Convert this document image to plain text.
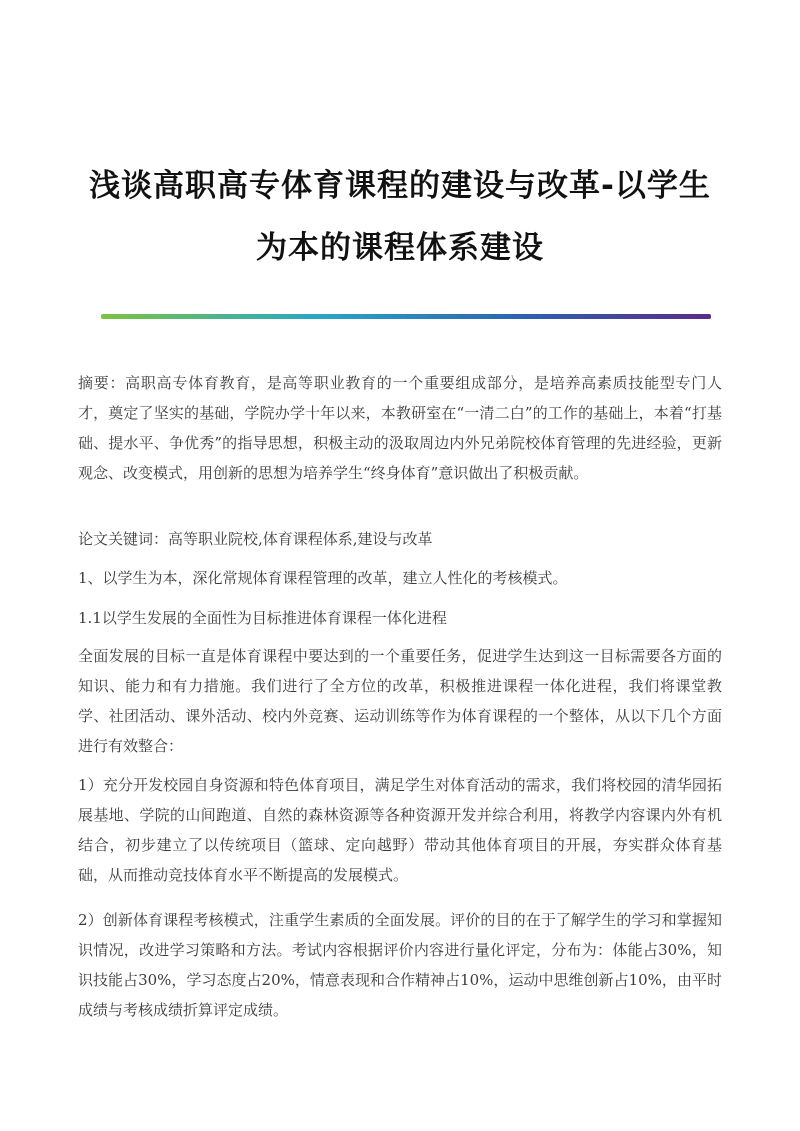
浅谈高职高专体育课程的建设与改革-以学生
为本的课程体系建设

摘要：高职高专体育教育，是高等职业教育的一个重要组成部分，是培养高素质技能型专门人才，奠定了坚实的基础，学院办学十年以来，本教研室在“一清二白”的工作的基础上，本着“打基础、提水平、争优秀”的指导思想，积极主动的汲取周边内外兄弟院校体育管理的先进经验，更新观念、改变模式，用创新的思想为培养学生“终身体育”意识做出了积极贡献。

论文关键词：高等职业院校,体育课程体系,建设与改革

1、以学生为本，深化常规体育课程管理的改革，建立人性化的考核模式。

1.1以学生发展的全面性为目标推进体育课程一体化进程

全面发展的目标一直是体育课程中要达到的一个重要任务，促进学生达到这一目标需要各方面的知识、能力和有力措施。我们进行了全方位的改革，积极推进课程一体化进程，我们将课堂教学、社团活动、课外活动、校内外竞赛、运动训练等作为体育课程的一个整体，从以下几个方面进行有效整合：

1）充分开发校园自身资源和特色体育项目，满足学生对体育活动的需求，我们将校园的清华园拓展基地、学院的山间跑道、自然的森林资源等各种资源开发并综合利用，将教学内容课内外有机结合，初步建立了以传统项目（篮球、定向越野）带动其他体育项目的开展，夯实群众体育基础，从而推动竞技体育水平不断提高的发展模式。

2）创新体育课程考核模式，注重学生素质的全面发展。评价的目的在于了解学生的学习和掌握知识情况，改进学习策略和方法。考试内容根据评价内容进行量化评定，分布为：体能占30%，知识技能占30%，学习态度占20%，情意表现和合作精神占10%，运动中思维创新占10%，由平时成绩与考核成绩折算评定成绩。
